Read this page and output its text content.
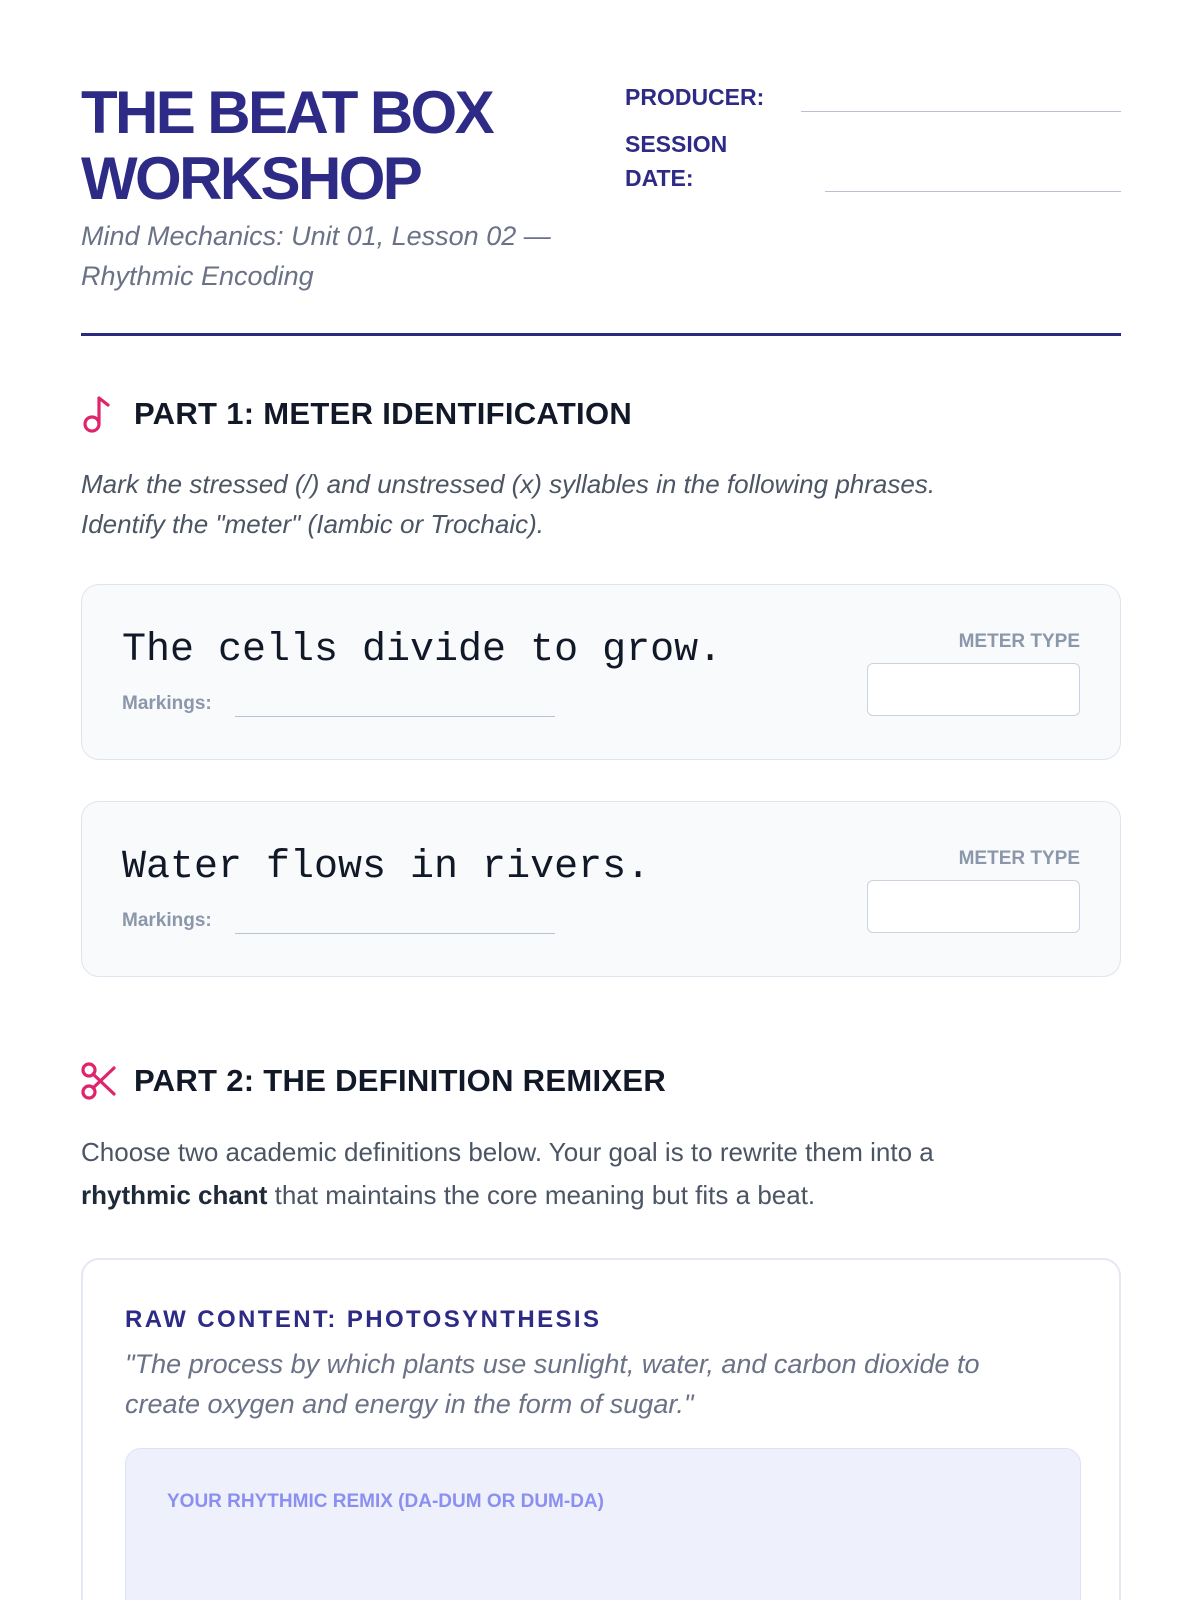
THE BEAT BOX
WORKSHOP
Mind Mechanics: Unit 01, Lesson 02 —
Rhythmic Encoding
PRODUCER:
SESSION
DATE:
PART 1: METER IDENTIFICATION
Mark the stressed (/) and unstressed (x) syllables in the following phrases.
Identify the "meter" (Iambic or Trochaic).
The cells divide to grow.
Markings:
METER TYPE
Water flows in rivers.
Markings:
METER TYPE
PART 2: THE DEFINITION REMIXER
Choose two academic definitions below. Your goal is to rewrite them into a
rhythmic chant that maintains the core meaning but fits a beat.
RAW CONTENT: PHOTOSYNTHESIS
"The process by which plants use sunlight, water, and carbon dioxide to
create oxygen and energy in the form of sugar."
YOUR RHYTHMIC REMIX (DA-DUM OR DUM-DA)
